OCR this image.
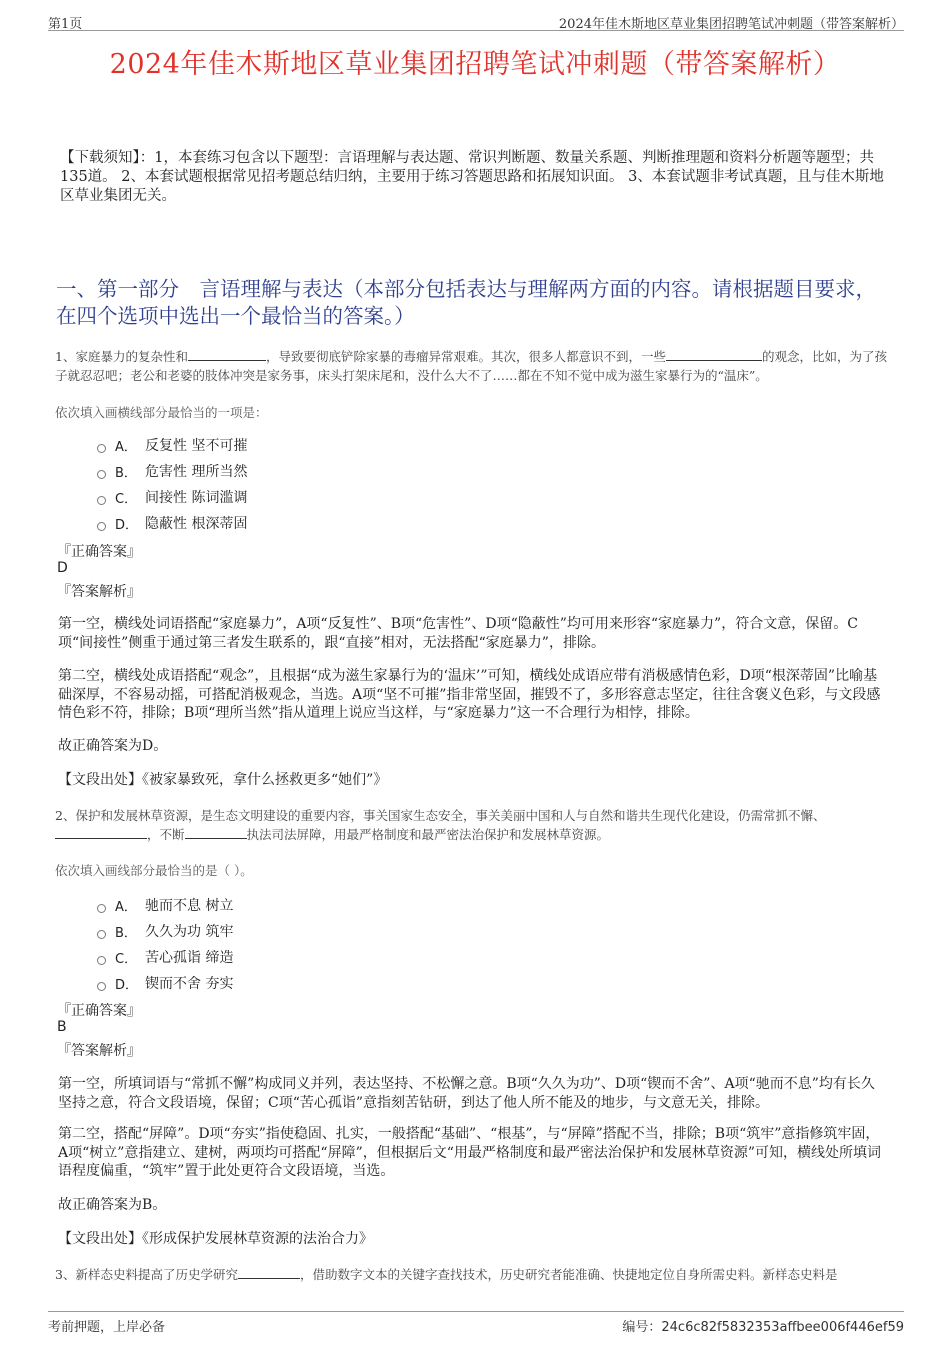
第1页	2024年佳木斯地区草业集团招聘笔试冲刺题（带答案解析）
2024年佳木斯地区草业集团招聘笔试冲刺题（带答案解析）
【下载须知】：1，本套练习包含以下题型：言语理解与表达题、常识判断题、数量关系题、判断推理题和资料分析题等题型；共135道。 2、本套试题根据常见招考题总结归纳，主要用于练习答题思路和拓展知识面。 3、本套试题非考试真题，且与佳木斯地区草业集团无关。
一、第一部分　言语理解与表达（本部分包括表达与理解两方面的内容。请根据题目要求，在四个选项中选出一个最恰当的答案。）
1、家庭暴力的复杂性和	，导致要彻底铲除家暴的毒瘤异常艰难。其次，很多人都意识不到，一些	的观念，比如，为了孩子就忍忍吧；老公和老婆的肢体冲突是家务事，床头打架床尾和，没什么大不了……都在不知不觉中成为滋生家暴行为的“温床”。
依次填入画横线部分最恰当的一项是：
A． 反复性 坚不可摧
B． 危害性 理所当然
C． 间接性 陈词滥调
D． 隐蔽性 根深蒂固
『正确答案』
D
『答案解析』
第一空，横线处词语搭配“家庭暴力”，A项“反复性”、B项“危害性”、D项“隐蔽性”均可用来形容“家庭暴力”，符合文意，保留。C项“间接性”侧重于通过第三者发生联系的，跟“直接”相对，无法搭配“家庭暴力”，排除。
第二空，横线处成语搭配“观念”，且根据“成为滋生家暴行为的‘温床’”可知，横线处成语应带有消极感情色彩，D项“根深蒂固”比喻基础深厚，不容易动摇，可搭配消极观念，当选。A项“坚不可摧”指非常坚固，摧毁不了，多形容意志坚定，往往含褒义色彩，与文段感情色彩不符，排除；B项“理所当然”指从道理上说应当这样，与“家庭暴力”这一不合理行为相悖，排除。
故正确答案为D。
【文段出处】《被家暴致死，拿什么拯救更多“她们”》
2、保护和发展林草资源，是生态文明建设的重要内容，事关国家生态安全，事关美丽中国和人与自然和谐共生现代化建设，仍需常抓不懈、，不断	执法司法屏障，用最严格制度和最严密法治保护和发展林草资源。
依次填入画线部分最恰当的是（ ）。
A． 驰而不息 树立
B． 久久为功 筑牢
C． 苦心孤诣 缔造
D． 锲而不舍 夯实
『正确答案』
B
『答案解析』
第一空，所填词语与“常抓不懈”构成同义并列，表达坚持、不松懈之意。B项“久久为功”、D项“锲而不舍”、A项“驰而不息”均有长久坚持之意，符合文段语境，保留；C项“苦心孤诣”意指刻苦钻研，到达了他人所不能及的地步，与文意无关，排除。
第二空，搭配“屏障”。D项“夯实”指使稳固、扎实，一般搭配“基础”、“根基”，与“屏障”搭配不当，排除；B项“筑牢”意指修筑牢固，A项“树立”意指建立、建树，两项均可搭配“屏障”，但根据后文“用最严格制度和最严密法治保护和发展林草资源”可知，横线处所填词语程度偏重，“筑牢”置于此处更符合文段语境，当选。
故正确答案为B。
【文段出处】《形成保护发展林草资源的法治合力》
3、新样态史料提高了历史学研究	，借助数字文本的关键字查找技术，历史研究者能准确、快捷地定位自身所需史料。新样态史料是
考前押题，上岸必备	编号：24c6c82f5832353affbee006f446ef59
